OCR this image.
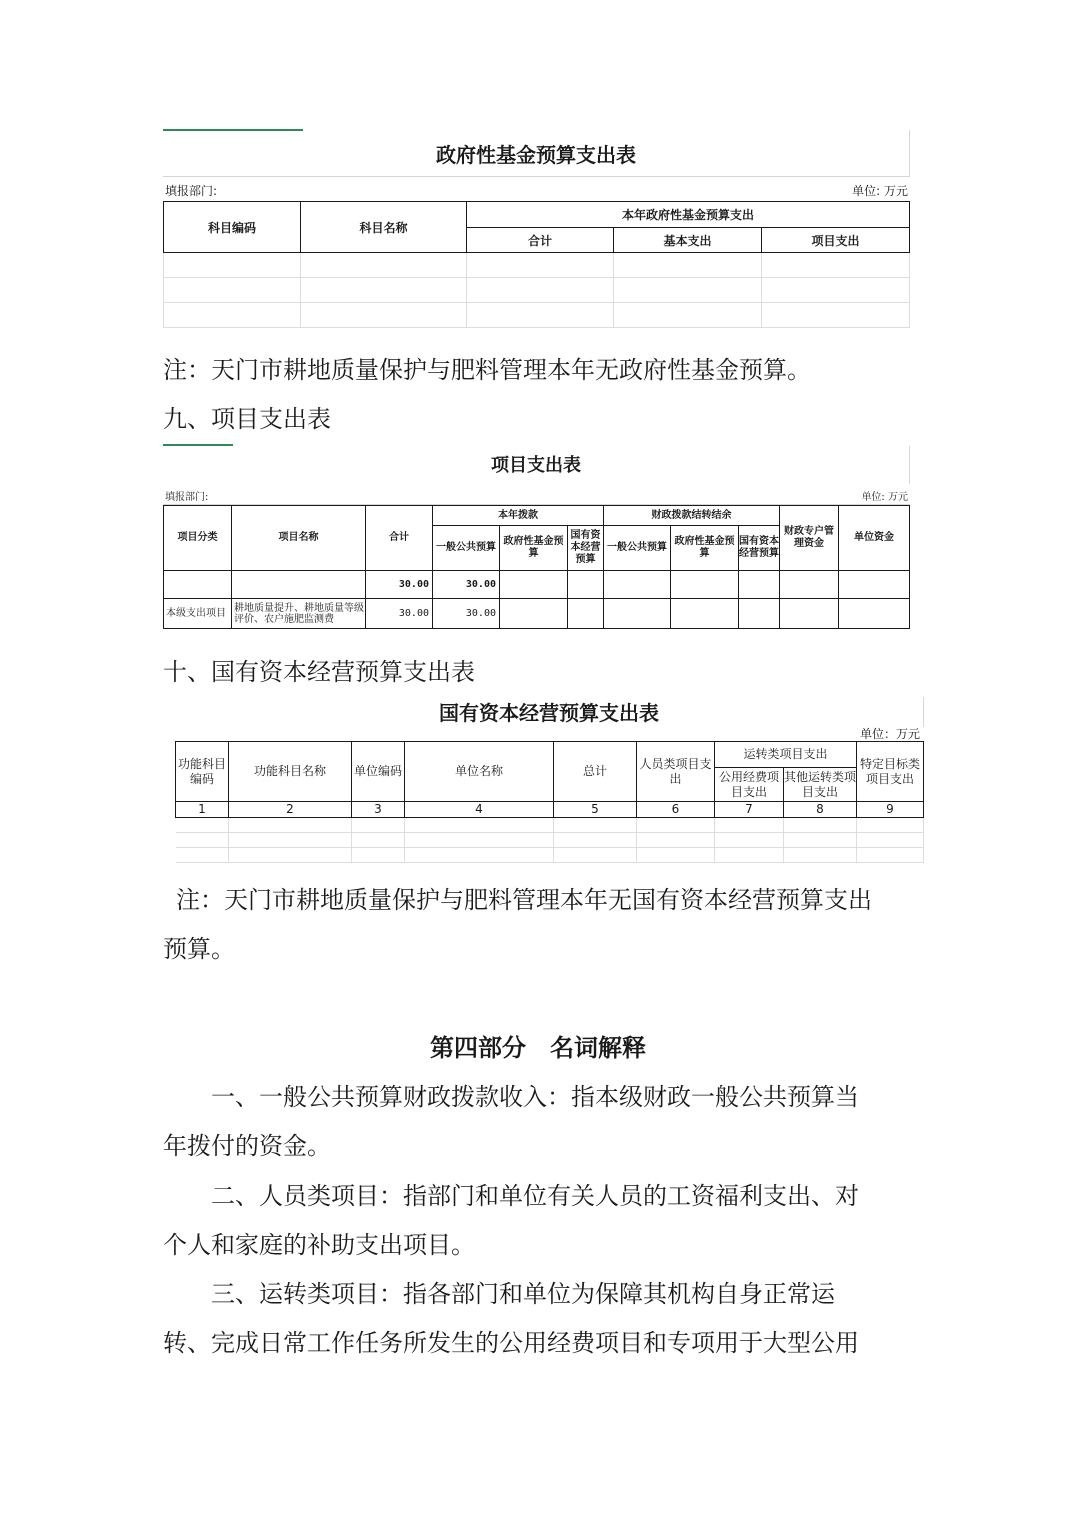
政府性基金预算支出表
填报部门:	单位: 万元
科目编码	科目名称	本年政府性基金预算支出		
		合计	基本支出	项目支出

注：天门市耕地质量保护与肥料管理本年无政府性基金预算。
九、项目支出表
项目支出表
填报部门:	单位: 万元
项目分类	项目名称	合计	本年拨款			财政拨款结转结余			财政专户管理资金	单位资金
			一般公共预算	政府性基金预算	国有资本经营预算	一般公共预算	政府性基金预算	国有资本经营预算		
		30.00	30.00							
本级支出项目	耕地质量提升、耕地质量等级评价、农户施肥监测费	30.00	30.00							
十、国有资本经营预算支出表
国有资本经营预算支出表
单位：万元
功能科目编码	功能科目名称	单位编码	单位名称	总计	人员类项目支出	运转类项目支出		特定目标类项目支出
						公用经费项目支出	其他运转类项目支出	
1	2	3	4	5	6	7	8	9

注：天门市耕地质量保护与肥料管理本年无国有资本经营预算支出
预算。
第四部分　名词解释
一、一般公共预算财政拨款收入：指本级财政一般公共预算当
年拨付的资金。
二、人员类项目：指部门和单位有关人员的工资福利支出、对
个人和家庭的补助支出项目。
三、运转类项目：指各部门和单位为保障其机构自身正常运
转、完成日常工作任务所发生的公用经费项目和专项用于大型公用
